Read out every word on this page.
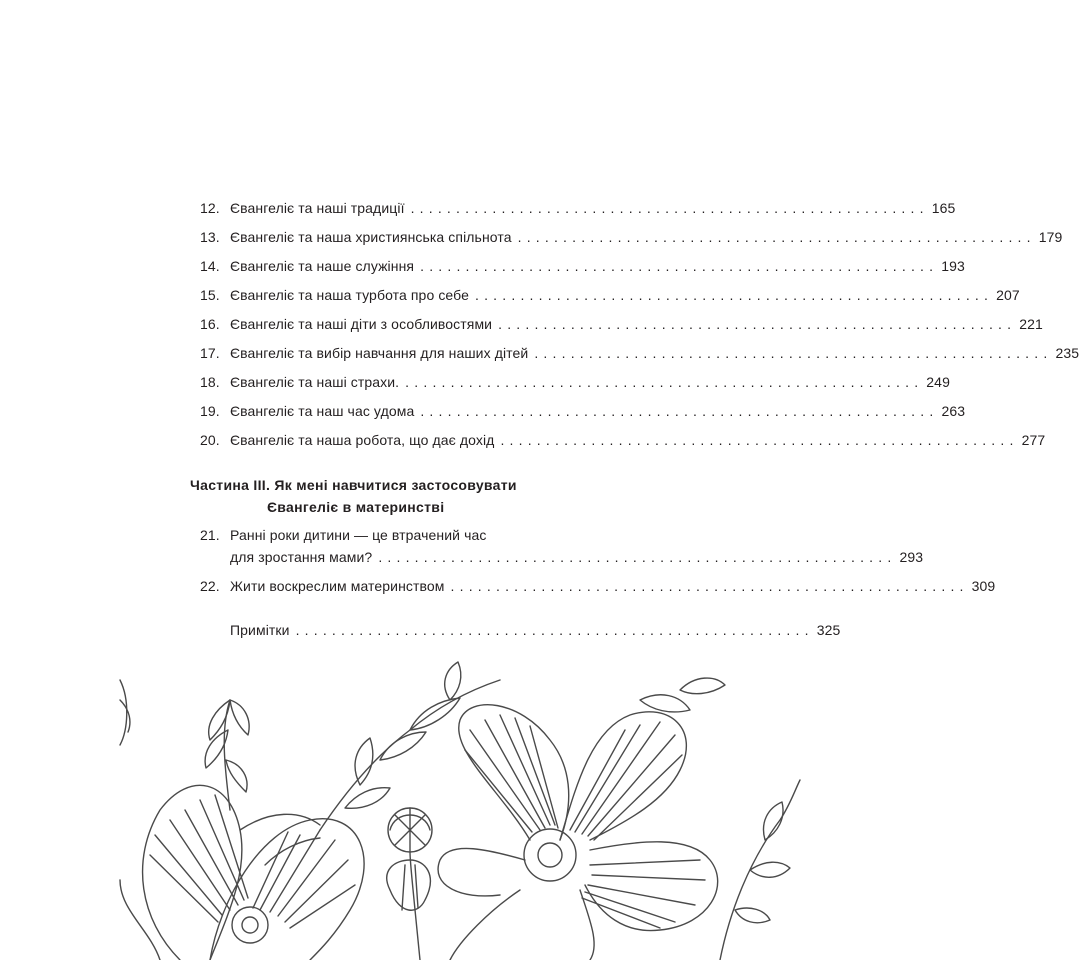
12. Євангеліє та наші традиції ......................................................... 165
13. Євангеліє та наша християнська спільнота ......................................................... 179
14. Євангеліє та наше служіння ......................................................... 193
15. Євангеліє та наша турбота про себе ......................................................... 207
16. Євангеліє та наші діти з особливостями ......................................................... 221
17. Євангеліє та вибір навчання для наших дітей ......................................................... 235
18. Євангеліє та наші страхи. ......................................................... 249
19. Євангеліє та наш час удома ......................................................... 263
20. Євангеліє та наша робота, що дає дохід ......................................................... 277
Частина III. Як мені навчитися застосовувати
Євангеліє в материнстві
21. Ранні роки дитини — це втрачений час
для зростання мами? ......................................................... 293
22. Жити воскреслим материнством ......................................................... 309
Примітки ......................................................... 325
